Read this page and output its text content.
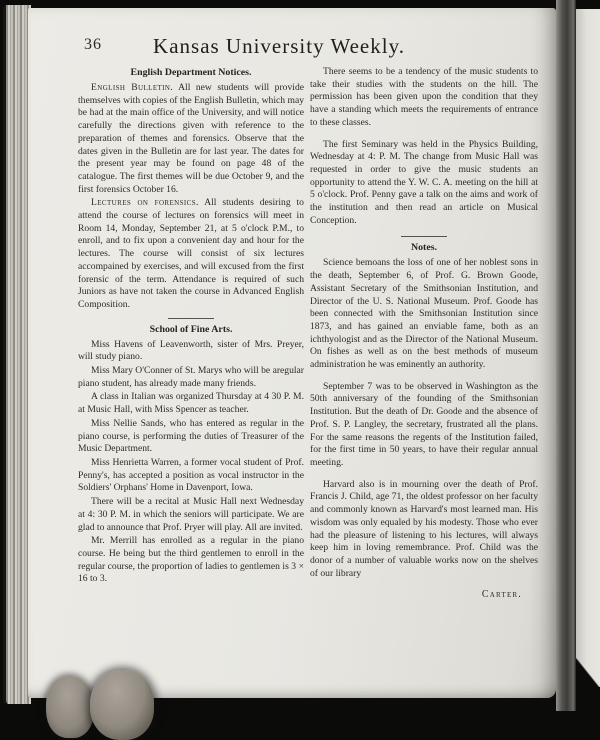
36	Kansas University Weekly.

English Department Notices.

English Bulletin. All new students will provide themselves with copies of the English Bulletin, which may be had at the main office of the University, and will notice carefully the directions given with reference to the preparation of themes and forensics. Observe that the dates given in the Bulletin are for last year. The dates for the present year may be found on page 48 of the catalogue. The first themes will be due October 9, and the first forensics October 16.

Lectures on forensics. All students desiring to attend the course of lectures on forensics will meet in Room 14, Monday, September 21, at 5 o'clock P.M., to enroll, and to fix upon a convenient day and hour for the lectures. The course will consist of six lectures accompained by exercises, and will excused from the first forensic of the term. Attendance is required of such Juniors as have not taken the course in Advanced English Composition.

School of Fine Arts.

Miss Havens of Leavenworth, sister of Mrs. Preyer, will study piano.

Miss Mary O'Conner of St. Marys who will be aregular piano student, has already made many friends.

A class in Italian was organized Thursday at 4 30 P. M. at Music Hall, with Miss Spencer as teacher.

Miss Nellie Sands, who has entered as regular in the piano course, is performing the duties of Treasurer of the Music Department.

Miss Henrietta Warren, a former vocal student of Prof. Penny's, has accepted a position as vocal instructor in the Soldiers' Orphans' Home in Davenport, Iowa.

There will be a recital at Music Hall next Wednesday at 4: 30 P. M. in which the seniors will participate. We are glad to announce that Prof. Pryer will play. All are invited.

Mr. Merrill has enrolled as a regular in the piano course. He being but the third gentlemen to enroll in the regular course, the proportion of ladies to gentlemen is 3 × 16 to 3.

There seems to be a tendency of the music students to take their studies with the students on the hill. The permission has been given upon the condition that they have a standing which meets the requirements of entrance to these classes.

The first Seminary was held in the Physics Building, Wednesday at 4: P. M. The change from Music Hall was requested in order to give the music students an opportunity to attend the Y. W. C. A. meeting on the hill at 5 o'clock. Prof. Penny gave a talk on the aims and work of the institution and then read an article on Musical Conception.

Notes.

Science bemoans the loss of one of her noblest sons in the death, September 6, of Prof. G. Brown Goode, Assistant Secretary of the Smithsonian Institution, and Director of the U. S. National Museum. Prof. Goode has been connected with the Smithsonian Institution since 1873, and has gained an enviable fame, both as an ichthyologist and as the Director of the National Museum. On fishes as well as on the best methods of museum administration he was eminently an authority.

September 7 was to be observed in Washington as the 50th anniversary of the founding of the Smithsonian Institution. But the death of Dr. Goode and the absence of Prof. S. P. Langley, the secretary, frustrated all the plans. For the same reasons the regents of the Institution failed, for the first time in 50 years, to have their regular annual meeting.

Harvard also is in mourning over the death of Prof. Francis J. Child, age 71, the oldest professor on her faculty and commonly known as Harvard's most learned man. His wisdom was only equaled by his modesty. Those who ever had the pleasure of listening to his lectures, will always keep him in loving remembrance. Prof. Child was the donor of a number of valuable works now on the shelves of our library

Carter.
